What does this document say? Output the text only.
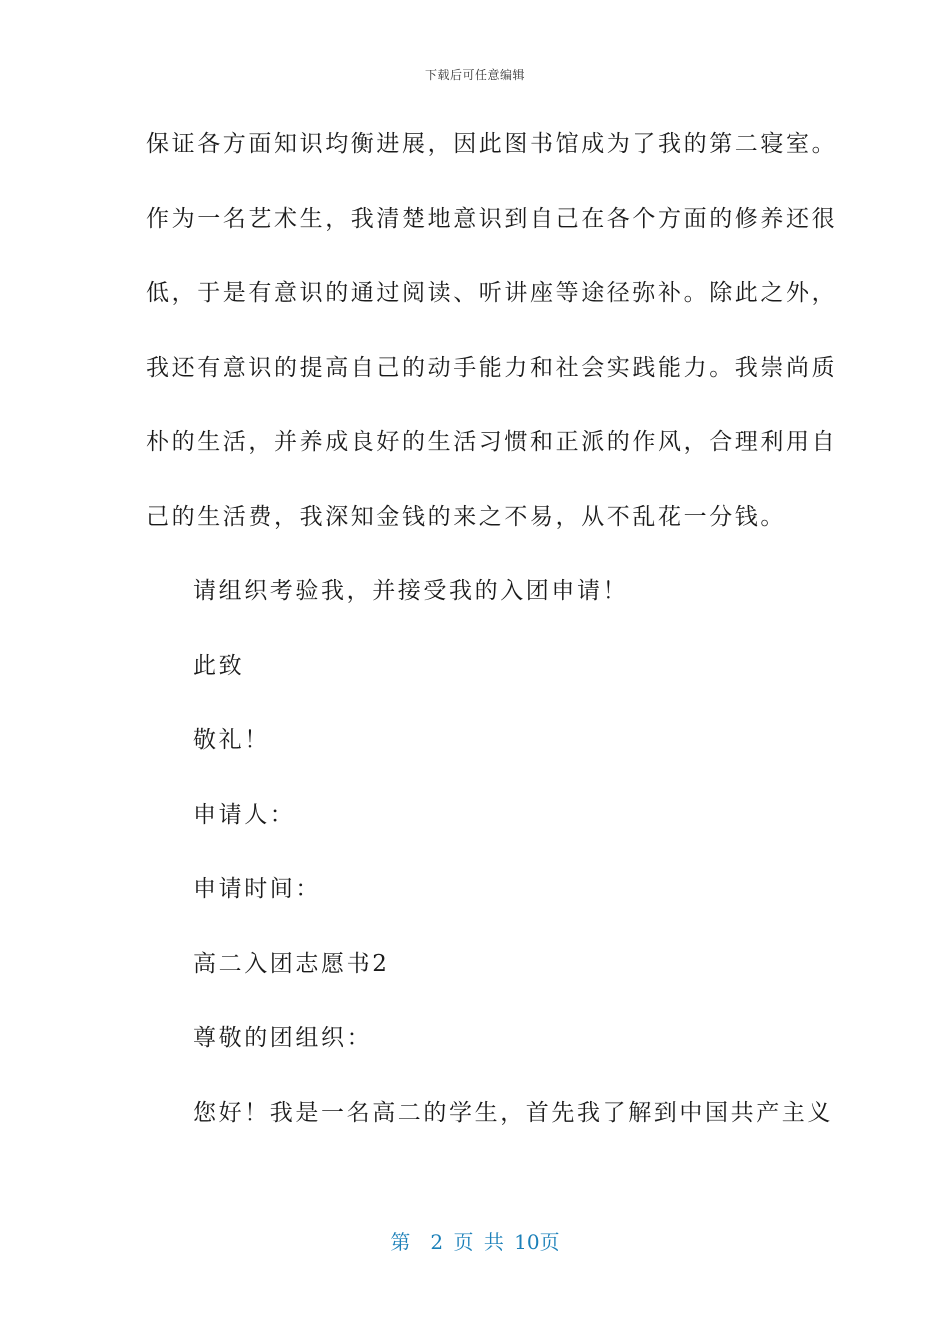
下载后可任意编辑
保证各方面知识均衡进展，因此图书馆成为了我的第二寝室。
作为一名艺术生，我清楚地意识到自己在各个方面的修养还很
低，于是有意识的通过阅读、听讲座等途径弥补。除此之外，
我还有意识的提高自己的动手能力和社会实践能力。我崇尚质
朴的生活，并养成良好的生活习惯和正派的作风，合理利用自
己的生活费，我深知金钱的来之不易，从不乱花一分钱。
请组织考验我，并接受我的入团申请！
此致
敬礼！
申请人：
申请时间：
高二入团志愿书2
尊敬的团组织：
您好！我是一名高二的学生，首先我了解到中国共产主义
第　2 页 共 10页
